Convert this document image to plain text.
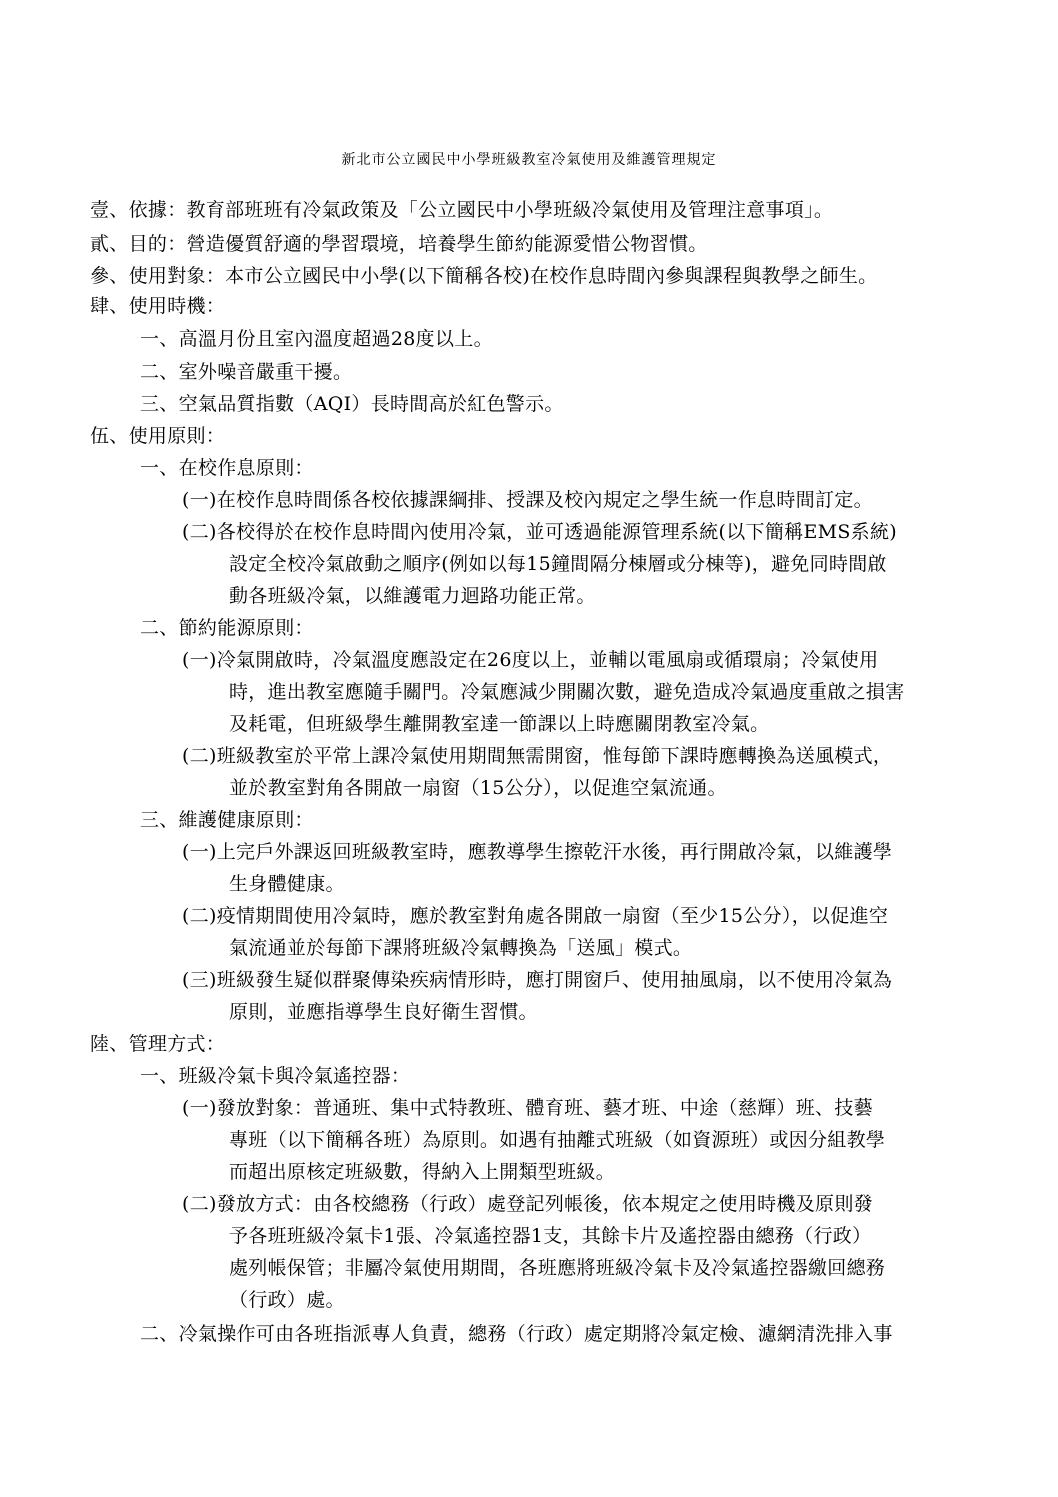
新北市公立國民中小學班級教室冷氣使用及維護管理規定
壹、依據：教育部班班有冷氣政策及「公立國民中小學班級冷氣使用及管理注意事項」。
貳、目的：營造優質舒適的學習環境，培養學生節約能源愛惜公物習慣。
參、使用對象：本市公立國民中小學(以下簡稱各校)在校作息時間內參與課程與教學之師生。
肆、使用時機：
一、高溫月份且室內溫度超過28度以上。
二、室外噪音嚴重干擾。
三、空氣品質指數（AQI）長時間高於紅色警示。
伍、使用原則：
一、在校作息原則：
(一)在校作息時間係各校依據課綱排、授課及校內規定之學生統一作息時間訂定。
(二)各校得於在校作息時間內使用冷氣，並可透過能源管理系統(以下簡稱EMS系統)
設定全校冷氣啟動之順序(例如以每15鐘間隔分棟層或分棟等)，避免同時間啟
動各班級冷氣，以維護電力迴路功能正常。
二、節約能源原則：
(一)冷氣開啟時，冷氣溫度應設定在26度以上，並輔以電風扇或循環扇；冷氣使用
時，進出教室應隨手關門。冷氣應減少開關次數，避免造成冷氣過度重啟之損害
及耗電，但班級學生離開教室達一節課以上時應關閉教室冷氣。
(二)班級教室於平常上課冷氣使用期間無需開窗，惟每節下課時應轉換為送風模式，
並於教室對角各開啟一扇窗（15公分），以促進空氣流通。
三、維護健康原則：
(一)上完戶外課返回班級教室時，應教導學生擦乾汗水後，再行開啟冷氣，以維護學
生身體健康。
(二)疫情期間使用冷氣時，應於教室對角處各開啟一扇窗（至少15公分），以促進空
氣流通並於每節下課將班級冷氣轉換為「送風」模式。
(三)班級發生疑似群聚傳染疾病情形時，應打開窗戶、使用抽風扇，以不使用冷氣為
原則，並應指導學生良好衛生習慣。
陸、管理方式：
一、班級冷氣卡與冷氣遙控器：
(一)發放對象：普通班、集中式特教班、體育班、藝才班、中途（慈輝）班、技藝
專班（以下簡稱各班）為原則。如遇有抽離式班級（如資源班）或因分組教學
而超出原核定班級數，得納入上開類型班級。
(二)發放方式：由各校總務（行政）處登記列帳後，依本規定之使用時機及原則發
予各班班級冷氣卡1張、冷氣遙控器1支，其餘卡片及遙控器由總務（行政）
處列帳保管；非屬冷氣使用期間，各班應將班級冷氣卡及冷氣遙控器繳回總務
（行政）處。
二、冷氣操作可由各班指派專人負責，總務（行政）處定期將冷氣定檢、濾網清洗排入事
